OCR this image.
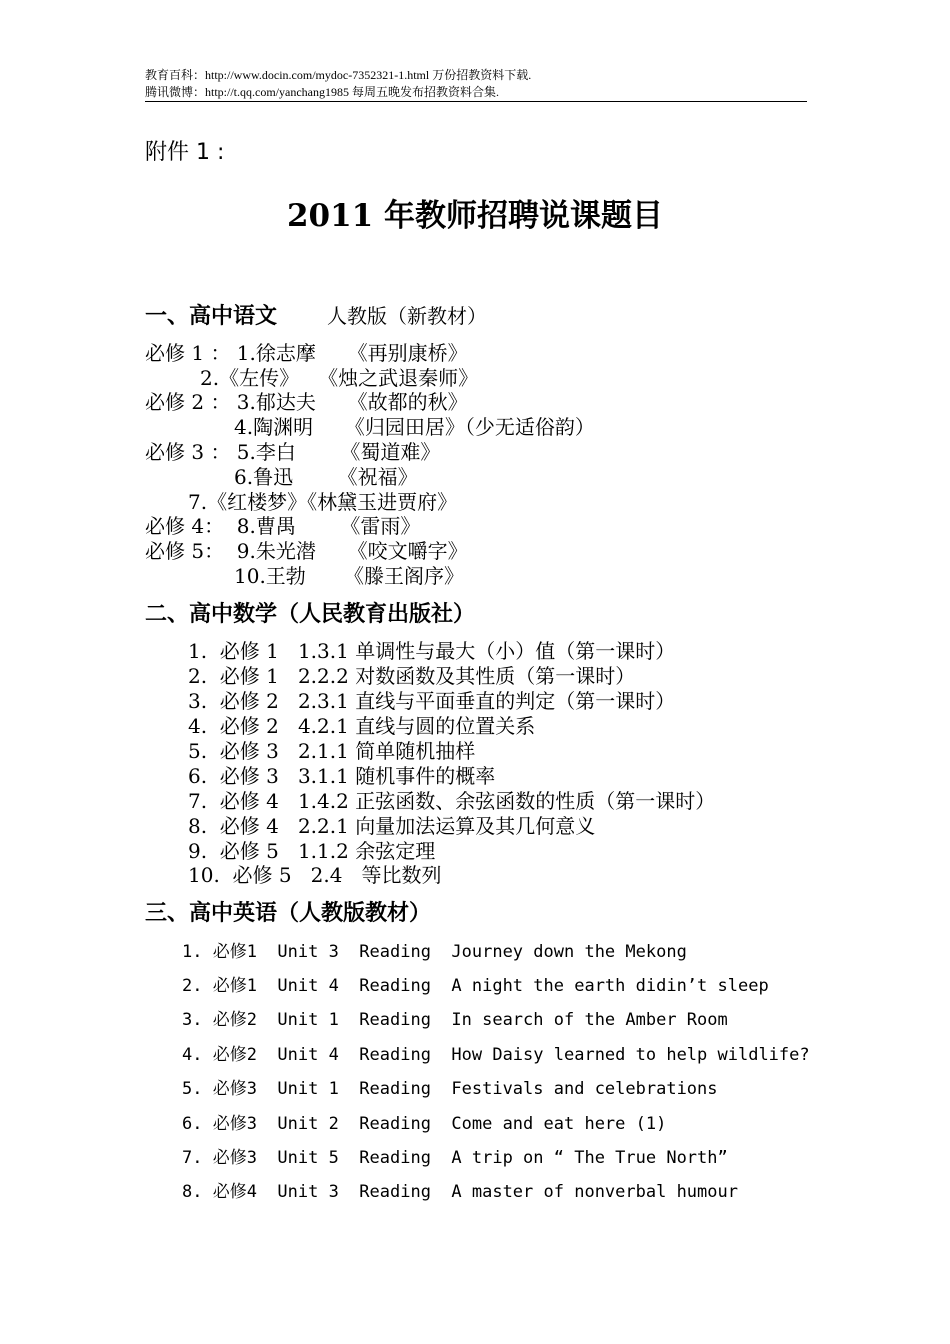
教育百科：http://www.docin.com/mydoc-7352321-1.html 万份招教资料下载.
腾讯微博：http://t.qq.com/yanchang1985 每周五晚发布招教资料合集.
附件 1 :
2011 年教师招聘说课题目
一、高中语文	人教版（新教材）
必修 1 ： 1.徐志摩     《再别康桥》
2.《左传》   《烛之武退秦师》
必修 2 ： 3.郁达夫     《故都的秋》
4.陶渊明     《归园田居》（少无适俗韵）
必修 3 ： 5.李白       《蜀道难》
6.鲁迅       《祝福》
7.《红楼梦》《林黛玉进贾府》
必修 4：  8.曹禺       《雷雨》
必修 5：  9.朱光潜     《咬文嚼字》
10.王勃      《滕王阁序》
二、高中数学（人民教育出版社）
1.  必修 1   1.3.1 单调性与最大（小）值（第一课时）
2.  必修 1   2.2.2 对数函数及其性质（第一课时）
3.  必修 2   2.3.1 直线与平面垂直的判定（第一课时）
4.  必修 2   4.2.1 直线与圆的位置关系
5.  必修 3   2.1.1 简单随机抽样
6.  必修 3   3.1.1 随机事件的概率
7.  必修 4   1.4.2 正弦函数、余弦函数的性质（第一课时）
8.  必修 4   2.2.1 向量加法运算及其几何意义
9.  必修 5   1.1.2 余弦定理
10.  必修 5   2.4   等比数列
三、高中英语（人教版教材）
1. 必修1  Unit 3  Reading  Journey down the Mekong
2. 必修1  Unit 4  Reading  A night the earth didin’t sleep
3. 必修2  Unit 1  Reading  In search of the Amber Room
4. 必修2  Unit 4  Reading  How Daisy learned to help wildlife?
5. 必修3  Unit 1  Reading  Festivals and celebrations
6. 必修3  Unit 2  Reading  Come and eat here (1)
7. 必修3  Unit 5  Reading  A trip on “ The True North”
8. 必修4  Unit 3  Reading  A master of nonverbal humour
